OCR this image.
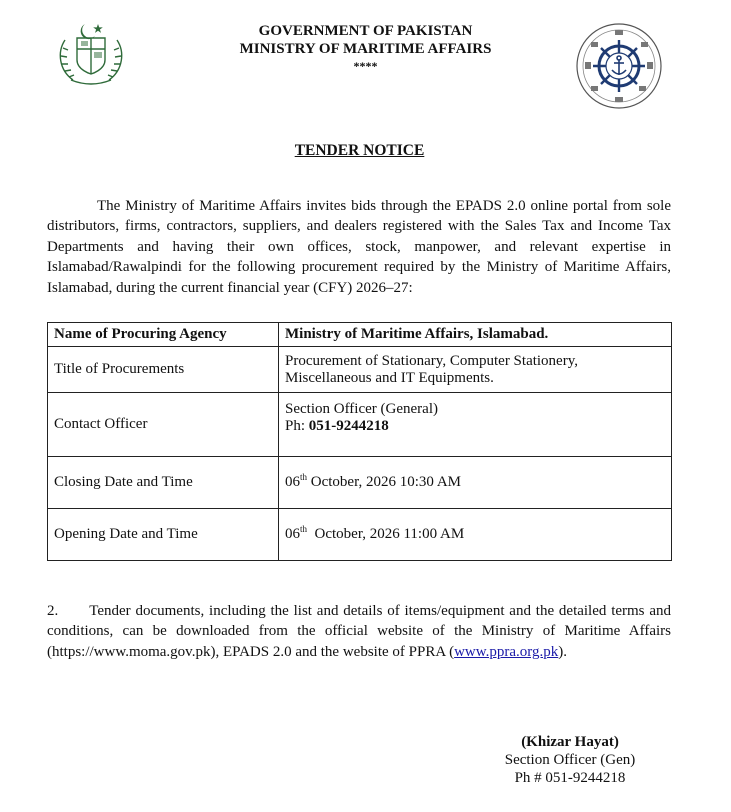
GOVERNMENT OF PAKISTAN
MINISTRY OF MARITIME AFFAIRS
****
TENDER NOTICE
The Ministry of Maritime Affairs invites bids through the EPADS 2.0 online portal from sole distributors, firms, contractors, suppliers, and dealers registered with the Sales Tax and Income Tax Departments and having their own offices, stock, manpower, and relevant expertise in Islamabad/Rawalpindi for the following procurement required by the Ministry of Maritime Affairs, Islamabad, during the current financial year (CFY) 2026–27:
Name of Procuring Agency	Ministry of Maritime Affairs, Islamabad.
Title of Procurements	Procurement of Stationary, Computer Stationery,
Miscellaneous and IT Equipments.

Contact Officer	Section Officer (General)
Ph: 051-9244218

Closing Date and Time	06th October, 2026 10:30 AM
Opening Date and Time	06th  October, 2026 11:00 AM
2. Tender documents, including the list and details of items/equipment and the detailed terms and conditions, can be downloaded from the official website of the Ministry of Maritime Affairs (https://www.moma.gov.pk), EPADS 2.0 and the website of PPRA (www.ppra.org.pk).
(Khizar Hayat)
Section Officer (Gen)
Ph # 051-9244218
